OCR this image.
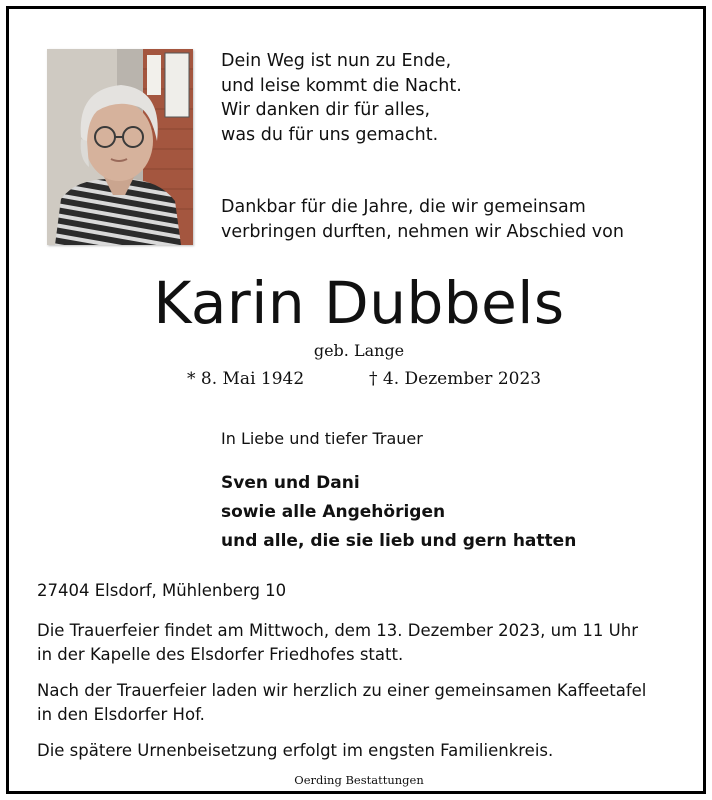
Dein Weg ist nun zu Ende,
und leise kommt die Nacht.
Wir danken dir für alles,
was du für uns gemacht.
Dankbar für die Jahre, die wir gemeinsam
verbringen durften, nehmen wir Abschied von
Karin Dubbels
geb. Lange
* 8. Mai 1942	† 4. Dezember 2023
In Liebe und tiefer Trauer
Sven und Dani
sowie alle Angehörigen
und alle, die sie lieb und gern hatten
27404 Elsdorf, Mühlenberg 10
Die Trauerfeier findet am Mittwoch, dem 13. Dezember 2023, um 11 Uhr
in der Kapelle des Elsdorfer Friedhofes statt.
Nach der Trauerfeier laden wir herzlich zu einer gemeinsamen Kaffeetafel
in den Elsdorfer Hof.
Die spätere Urnenbeisetzung erfolgt im engsten Familienkreis.
Oerding Bestattungen
